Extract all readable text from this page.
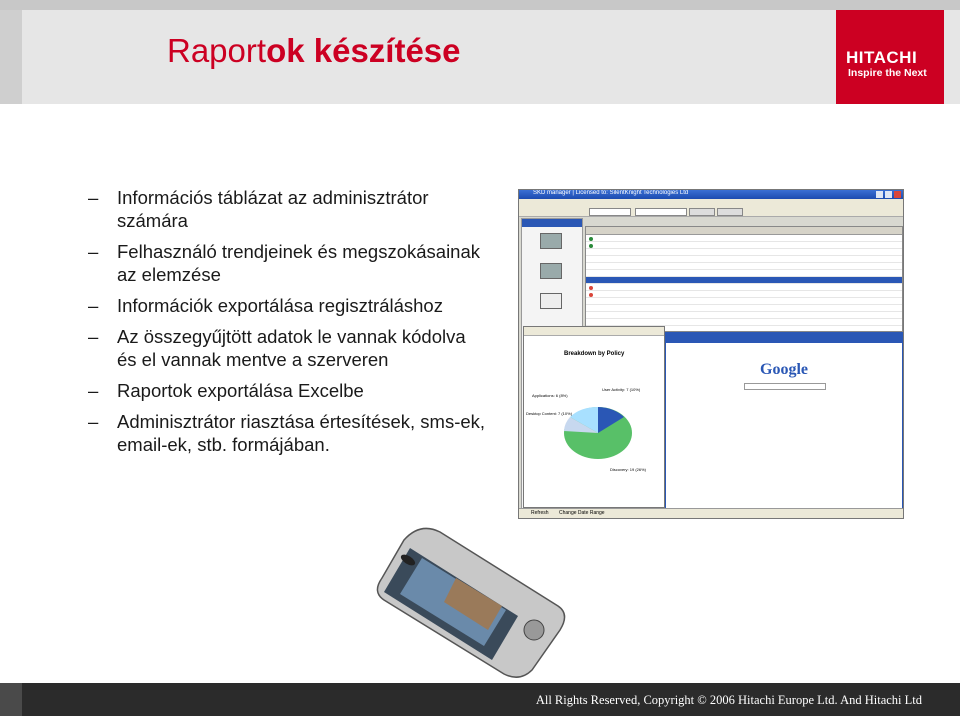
Raportok készítése	HITACHI
Inspire the Next
– Információs táblázat az adminisztrátor számára
– Felhasználó trendjeinek és megszokásainak az elemzése
– Információk exportálása regisztráláshoz
– Az összegyűjtött adatok le vannak kódolva és el vannak mentve a szerveren
– Raportok exportálása Excelbe
– Adminisztrátor riasztása értesítések, sms-ek, email-ek, stb. formájában.
SKD manager | Licensed to: SilentKnight Technologies Ltd
Breakdown by Policy
Applications: 6 (8%)
User Activity: 7 (10%)
Desktop Content: 7 (10%)
Discovery: 19 (26%)
Google
Refresh Change Date Range
All Rights Reserved, Copyright © 2006 Hitachi Europe Ltd. And Hitachi Ltd
